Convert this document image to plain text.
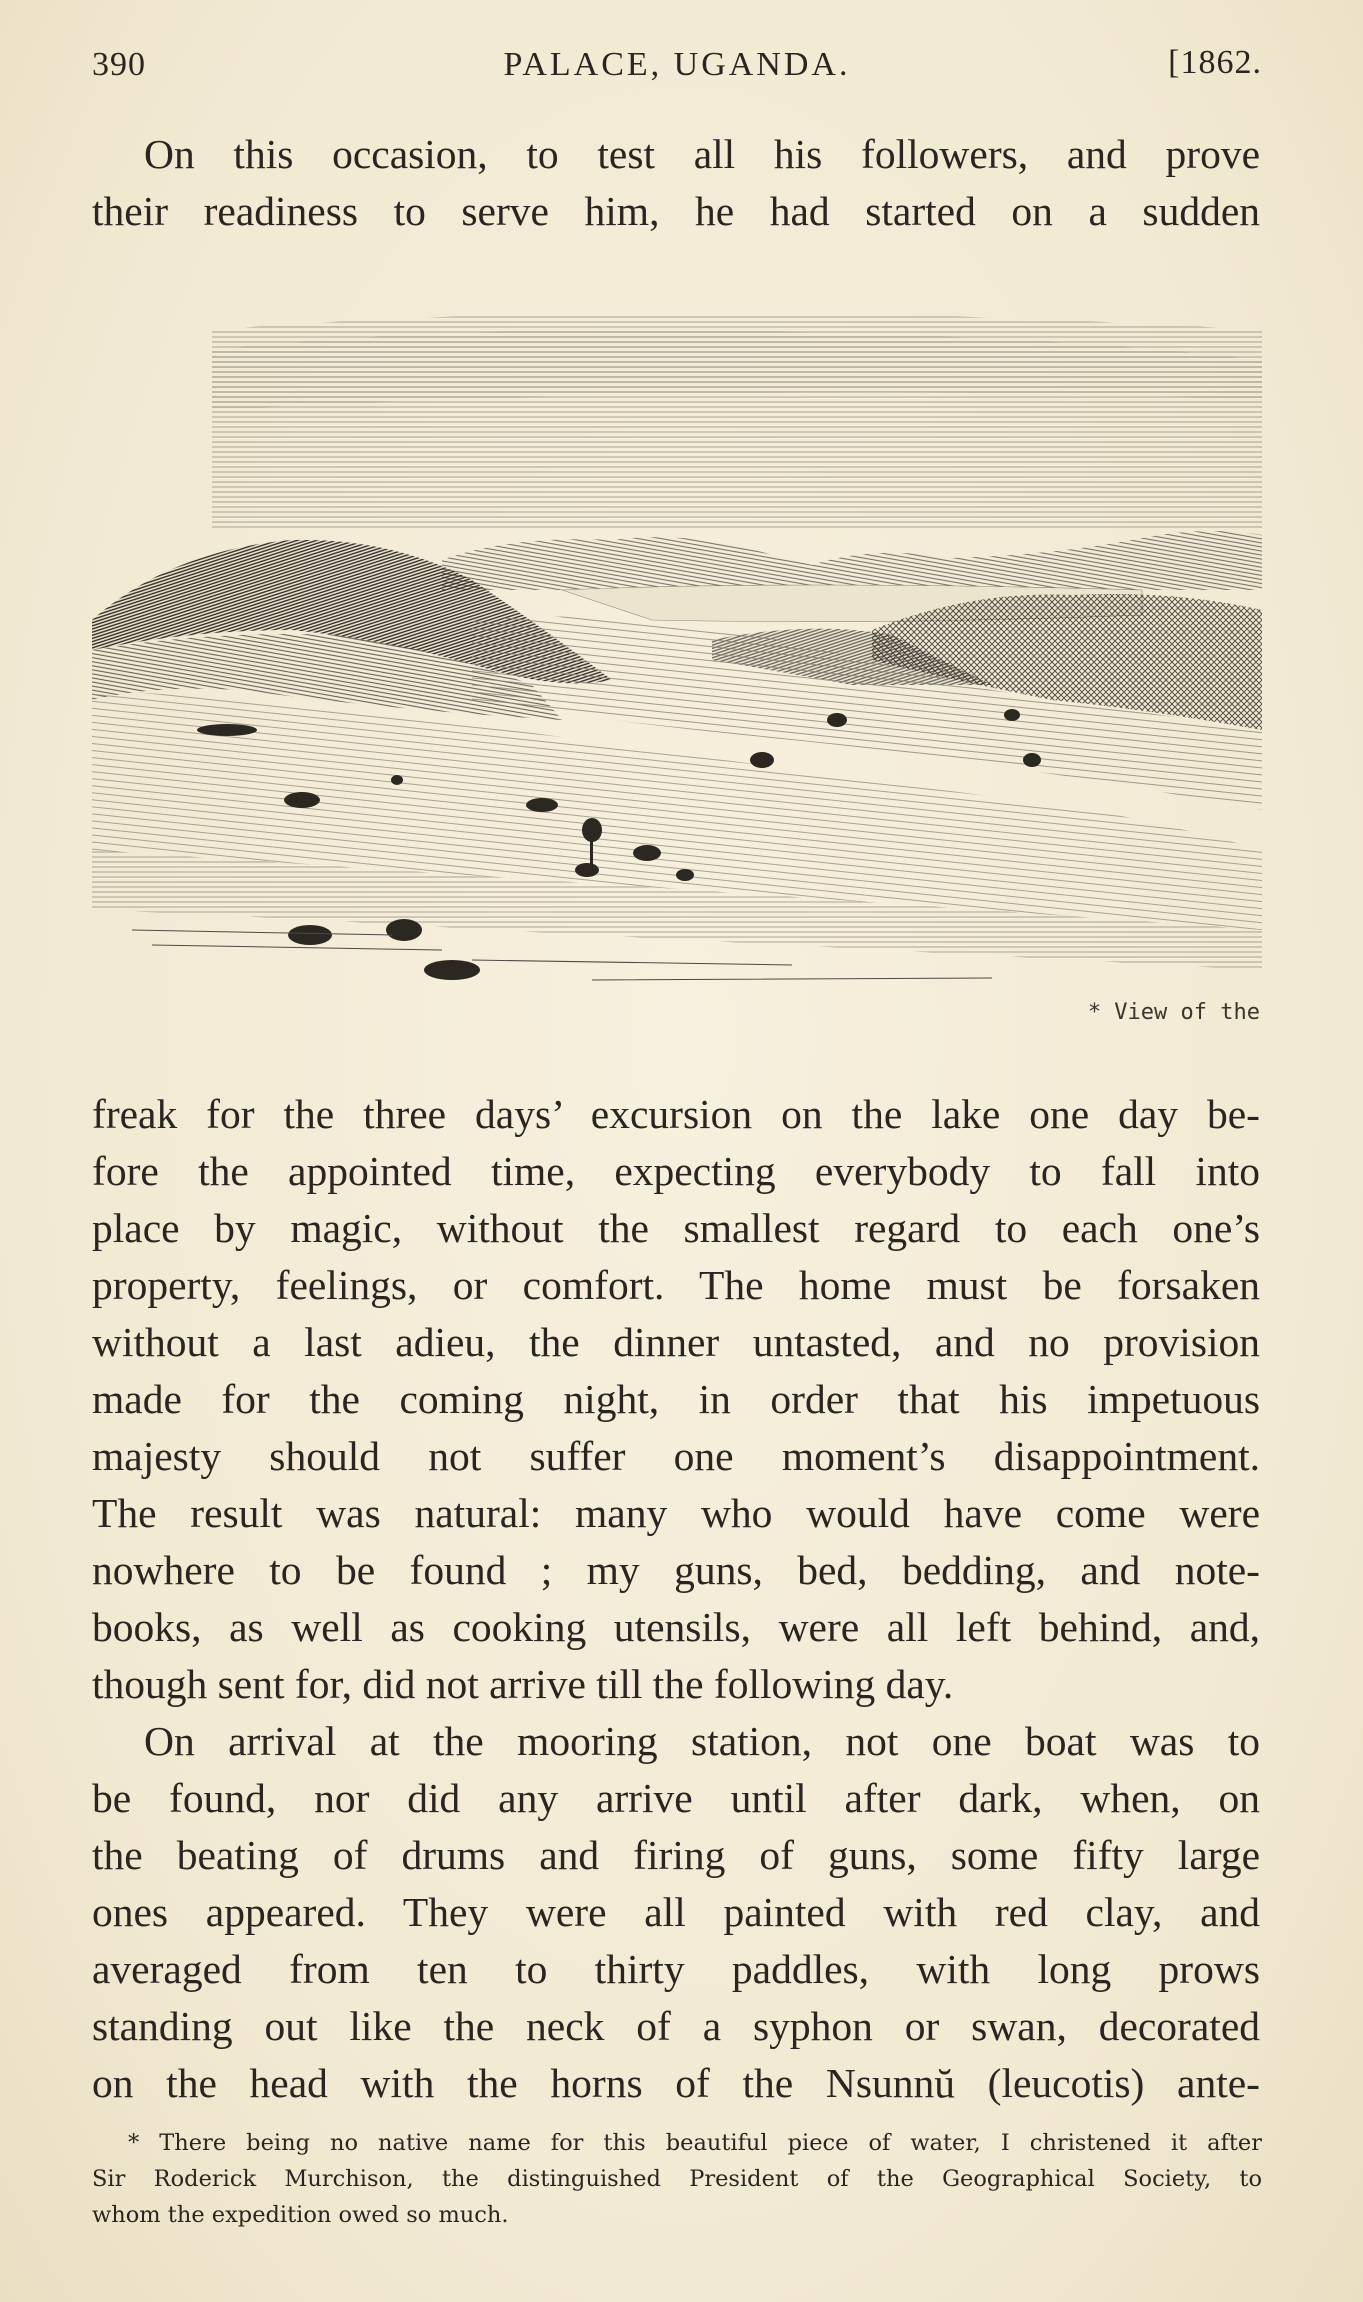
390	PALACE, UGANDA.	[1862.
On this occasion, to test all his followers, and prove
their readiness to serve him, he had started on a sudden
* View of the
freak for the three days’ excursion on the lake one day be-
fore the appointed time, expecting everybody to fall into
place by magic, without the smallest regard to each one’s
property, feelings, or comfort. The home must be forsaken
without a last adieu, the dinner untasted, and no provision
made for the coming night, in order that his impetuous
majesty should not suffer one moment’s disappointment.
The result was natural: many who would have come were
nowhere to be found ; my guns, bed, bedding, and note-
books, as well as cooking utensils, were all left behind, and,
though sent for, did not arrive till the following day.
On arrival at the mooring station, not one boat was to
be found, nor did any arrive until after dark, when, on
the beating of drums and firing of guns, some fifty large
ones appeared. They were all painted with red clay, and
averaged from ten to thirty paddles, with long prows
standing out like the neck of a syphon or swan, decorated
on the head with the horns of the Nsunnŭ (leucotis) ante-
* There being no native name for this beautiful piece of water, I christened it after
Sir Roderick Murchison, the distinguished President of the Geographical Society, to
whom the expedition owed so much.
